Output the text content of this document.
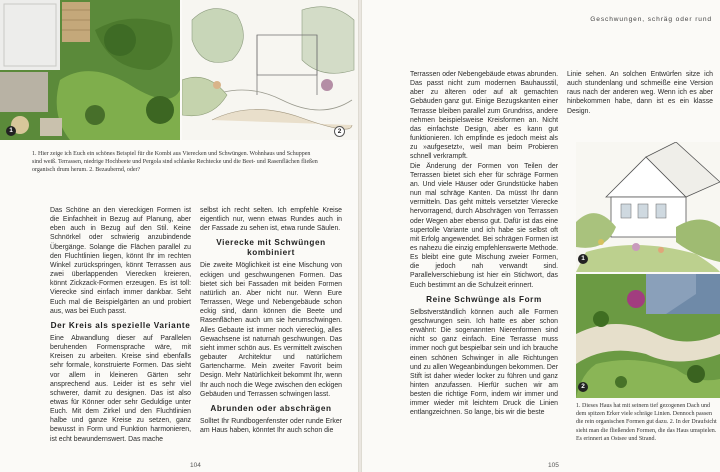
1	2

1. Hier zeige ich Euch ein schönes Beispiel für die Kombi aus Vierecken und Schwüngen. Wohnhaus und Schuppen sind weiß. Terrassen, niedrige Hochbeete und Pergola sind schlanke Rechtecke und die Beet- und Rasenflächen fließen organisch drum herum. 2. Bezaubernd, oder?

Das Schöne an den viereckigen Formen ist die Einfachheit in Bezug auf Planung, aber eben auch in Bezug auf den Stil. Keine Schnörkel oder schwierig anzubindende Übergänge. Solange die Flächen parallel zu den Fluchtlinien liegen, könnt Ihr im rechten Winkel zurückspringen, könnt Terrassen aus zwei überlappenden Vierecken kreieren, könnt Zickzack-Formen erzeugen. Es ist toll: Vierecke sind einfach immer dankbar. Seht Euch mal die Beispielgärten an und probiert aus, was bei Euch passt.

Der Kreis als spezielle Variante

Eine Abwandlung dieser auf Parallelen beruhenden Formensprache wäre, mit Kreisen zu arbeiten. Kreise sind ebenfalls sehr formale, konstruierte Formen. Das sieht vor allem in kleineren Gärten sehr ansprechend aus. Leider ist es sehr viel schwerer, damit zu designen. Das ist also etwas für Könner oder sehr Geduldige unter Euch. Mit dem Zirkel und den Fluchtlinien halbe und ganze Kreise zu setzen, ganz bewusst in Form und Funktion harmonieren, ist echt bewundernswert. Das mache

selbst ich recht selten. Ich empfehle Kreise eigentlich nur, wenn etwas Rundes auch in der Fassade zu sehen ist, etwa runde Säulen.

Vierecke mit Schwüngen kombiniert

Die zweite Möglichkeit ist eine Mischung von eckigen und geschwungenen Formen. Das bietet sich bei Fassaden mit beiden Formen natürlich an. Aber nicht nur. Wenn Eure Terrassen, Wege und Nebengebäude schon eckig sind, dann können die Beete und Rasenflächen auch um sie herumschwingen. Alles Gebaute ist immer noch viereckig, alles Gewachsene ist naturnah geschwungen. Das sieht immer schön aus. Es vermittelt zwischen gebauter Architektur und natürlichem Gartencharme. Mein zweiter Favorit beim Design. Mehr Natürlichkeit bekommt Ihr, wenn Ihr auch noch die Wege zwischen den eckigen Gebäuden und Terrassen schwingen lasst.

Abrunden oder abschrägen

Solltet Ihr Rundbogenfenster oder runde Erker am Haus haben, könntet Ihr auch schon die

104
Geschwungen, schräg oder rund

Terrassen oder Nebengebäude etwas abrunden. Das passt nicht zum modernen Bauhausstil, aber zu älteren oder auf alt gemachten Gebäuden ganz gut. Einige Bezugskanten einer Terrasse bleiben parallel zum Grundriss, andere nehmen beispielsweise Kreisformen an. Nicht das einfachste Design, aber es kann gut funktionieren. Ich empfinde es jedoch meist als zu »aufgesetzt«, weil man beim Probieren schnell verkrampft.

Die Änderung der Formen von Teilen der Terrassen bietet sich eher für schräge Formen an. Und viele Häuser oder Grundstücke haben nun mal schräge Kanten. Da müsst Ihr dann vermitteln. Das geht mittels versetzter Vierecke hervorragend, durch Abschrägen von Terrassen oder Wegen aber ebenso gut. Dafür ist das eine supertolle Variante und ich habe sie selbst oft mit Erfolg angewendet. Bei schrägen Formen ist es nahezu die einzig empfehlenswerte Methode. Es bleibt eine gute Mischung zweier Formen, die jedoch nah verwandt sind. Parallelverschiebung ist hier ein Stichwort, das Euch bestimmt an die Schulzeit erinnert.

Reine Schwünge als Form

Selbstverständlich können auch alle Formen geschwungen sein. Ich hatte es aber schon erwähnt: Die sogenannten Nierenformen sind nicht so ganz einfach. Eine Terrasse muss immer noch gut bespielbar sein und ich brauche einen schönen Schwinger in alle Richtungen und zu allen Wegeanbindungen bekommen. Der Stift ist daher wieder locker zu führen und ganz hinten anzufassen. Hierfür suchen wir am besten die richtige Form, indem wir immer und immer wieder mit leichtem Druck die Linien entlangzeichnen. So lange, bis wir die beste

Linie sehen. An solchen Entwürfen sitze ich auch stundenlang und schmeiße eine Version raus nach der anderen weg. Wenn ich es aber hinbekommen habe, dann ist es ein klasse Design.

1
2

1. Dieses Haus hat mit seinem tief gezogenen Dach und dem spitzen Erker viele schräge Linien. Dennoch passen die rein organischen Formen gut dazu. 2. In der Draufsicht sieht man die fließenden Formen, die das Haus umspielen. Es erinnert an Ostsee und Strand.

105
